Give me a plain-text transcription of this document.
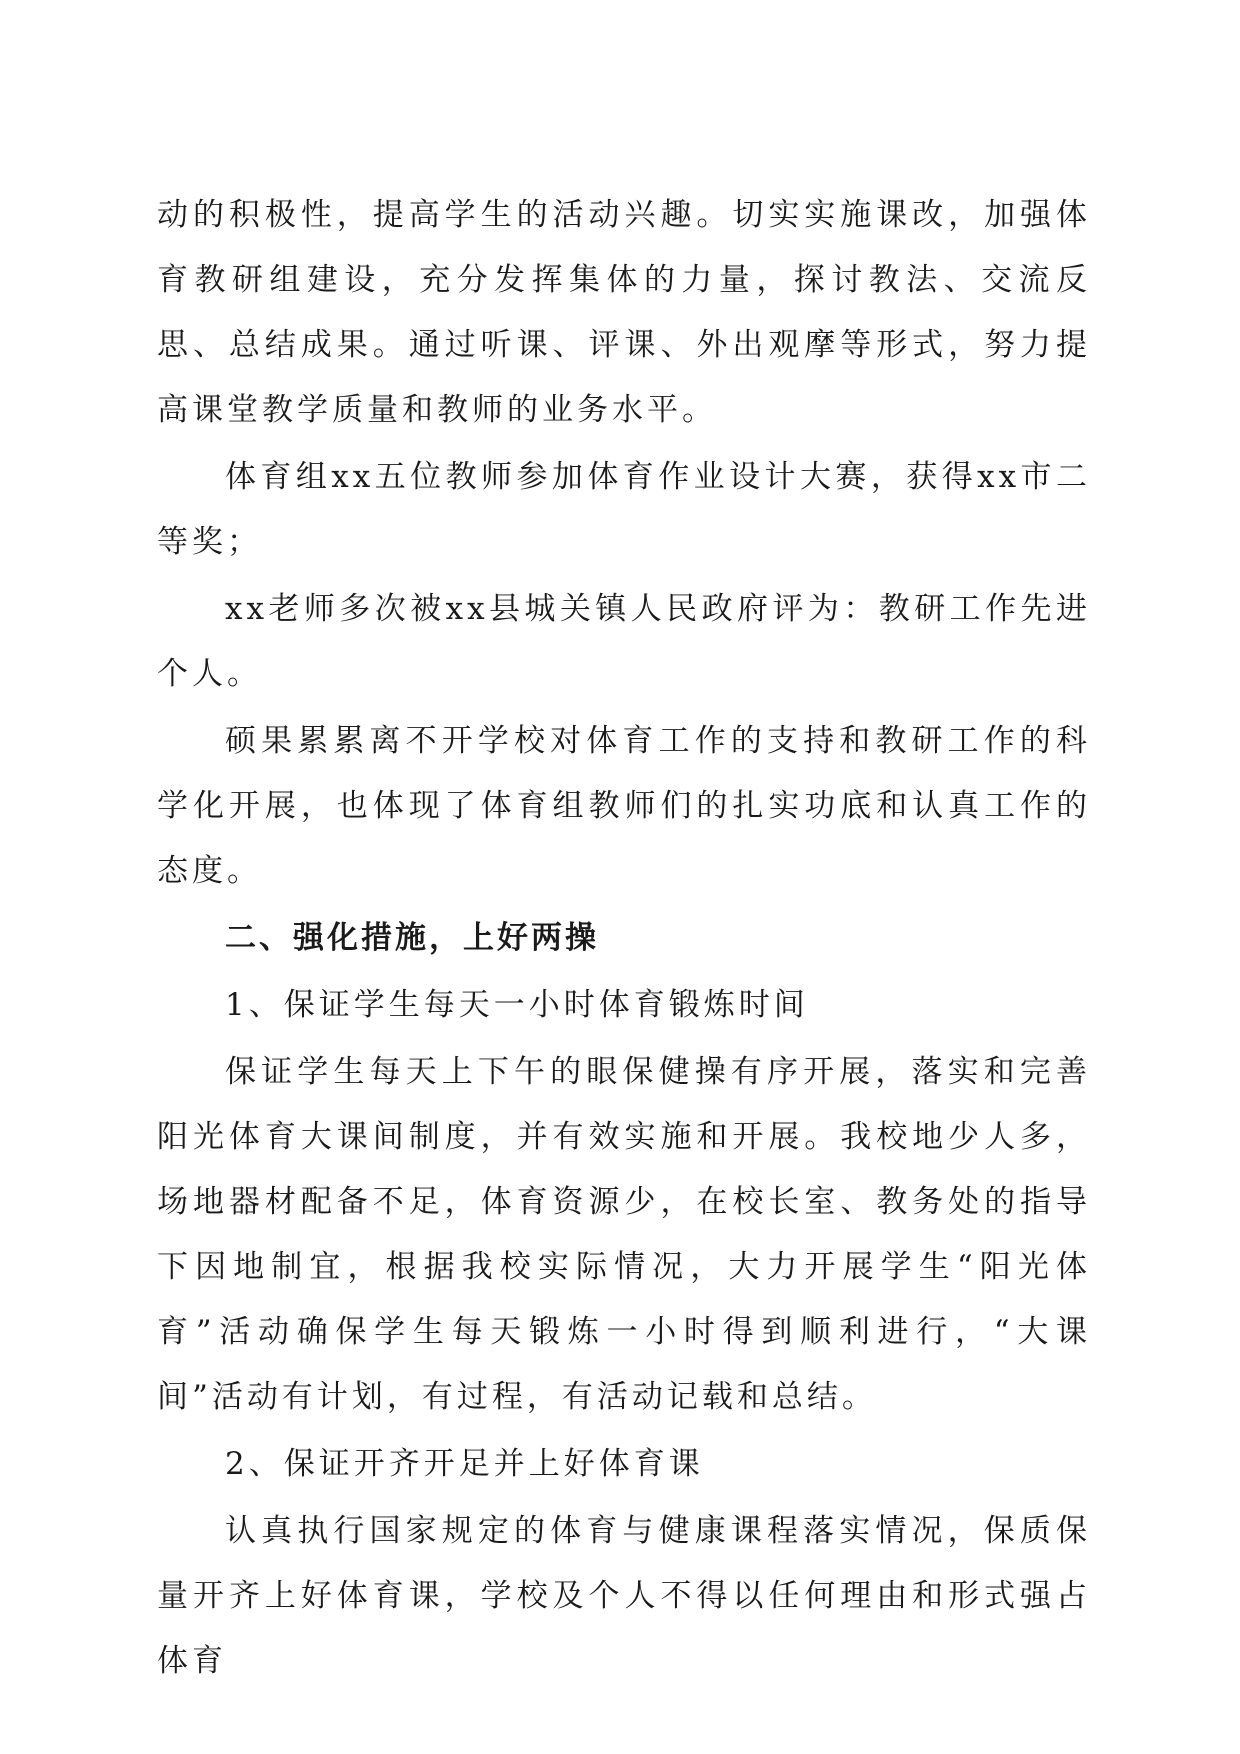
动的积极性，提高学生的活动兴趣。切实实施课改，加强体育教研组建设，充分发挥集体的力量，探讨教法、交流反思、总结成果。通过听课、评课、外出观摩等形式，努力提高课堂教学质量和教师的业务水平。

体育组xx五位教师参加体育作业设计大赛，获得xx市二等奖；

xx老师多次被xx县城关镇人民政府评为：教研工作先进个人。

硕果累累离不开学校对体育工作的支持和教研工作的科学化开展，也体现了体育组教师们的扎实功底和认真工作的态度。

二、强化措施，上好两操

1、保证学生每天一小时体育锻炼时间

保证学生每天上下午的眼保健操有序开展，落实和完善阳光体育大课间制度，并有效实施和开展。我校地少人多，场地器材配备不足，体育资源少，在校长室、教务处的指导下因地制宜，根据我校实际情况，大力开展学生“阳光体育”活动确保学生每天锻炼一小时得到顺利进行，“大课间”活动有计划，有过程，有活动记载和总结。

2、保证开齐开足并上好体育课

认真执行国家规定的体育与健康课程落实情况，保质保量开齐上好体育课，学校及个人不得以任何理由和形式强占体育
